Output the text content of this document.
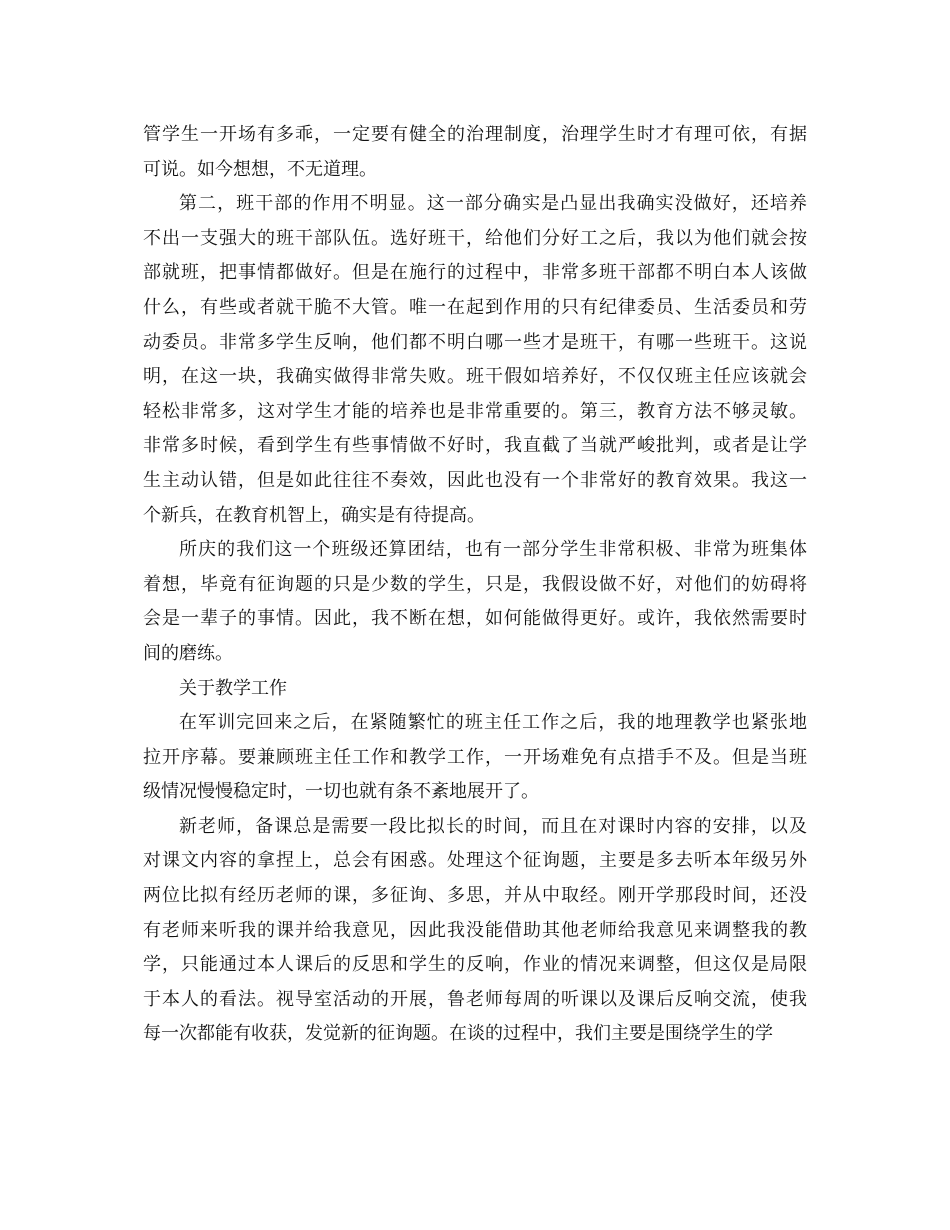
管学生一开场有多乖，一定要有健全的治理制度，治理学生时才有理可依，有据
可说。如今想想，不无道理。
第二，班干部的作用不明显。这一部分确实是凸显出我确实没做好，还培养
不出一支强大的班干部队伍。选好班干，给他们分好工之后，我以为他们就会按
部就班，把事情都做好。但是在施行的过程中，非常多班干部都不明白本人该做
什么，有些或者就干脆不大管。唯一在起到作用的只有纪律委员、生活委员和劳
动委员。非常多学生反响，他们都不明白哪一些才是班干，有哪一些班干。这说
明，在这一块，我确实做得非常失败。班干假如培养好，不仅仅班主任应该就会
轻松非常多，这对学生才能的培养也是非常重要的。第三，教育方法不够灵敏。
非常多时候，看到学生有些事情做不好时，我直截了当就严峻批判，或者是让学
生主动认错，但是如此往往不奏效，因此也没有一个非常好的教育效果。我这一
个新兵，在教育机智上，确实是有待提高。
所庆的我们这一个班级还算团结，也有一部分学生非常积极、非常为班集体
着想，毕竟有征询题的只是少数的学生，只是，我假设做不好，对他们的妨碍将
会是一辈子的事情。因此，我不断在想，如何能做得更好。或许，我依然需要时
间的磨练。
关于教学工作
在军训完回来之后，在紧随繁忙的班主任工作之后，我的地理教学也紧张地
拉开序幕。要兼顾班主任工作和教学工作，一开场难免有点措手不及。但是当班
级情况慢慢稳定时，一切也就有条不紊地展开了。
新老师，备课总是需要一段比拟长的时间，而且在对课时内容的安排，以及
对课文内容的拿捏上，总会有困惑。处理这个征询题，主要是多去听本年级另外
两位比拟有经历老师的课，多征询、多思，并从中取经。刚开学那段时间，还没
有老师来听我的课并给我意见，因此我没能借助其他老师给我意见来调整我的教
学，只能通过本人课后的反思和学生的反响，作业的情况来调整，但这仅是局限
于本人的看法。视导室活动的开展，鲁老师每周的听课以及课后反响交流，使我
每一次都能有收获，发觉新的征询题。在谈的过程中，我们主要是围绕学生的学
